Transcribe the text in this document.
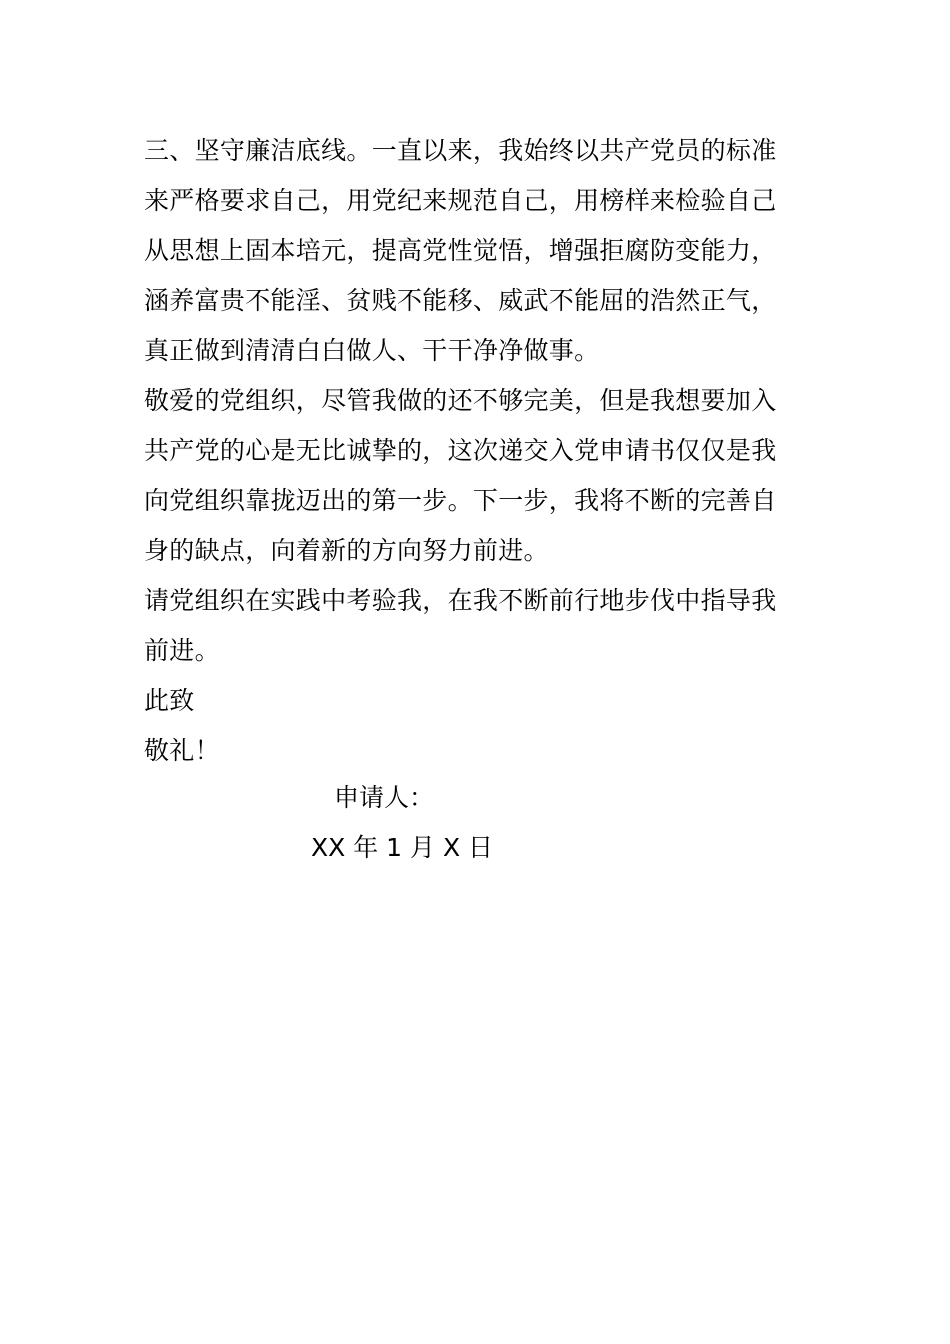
三、坚守廉洁底线。一直以来，我始终以共产党员的标准
来严格要求自己，用党纪来规范自己，用榜样来检验自己
从思想上固本培元，提高党性觉悟，增强拒腐防变能力，
涵养富贵不能淫、贫贱不能移、威武不能屈的浩然正气，
真正做到清清白白做人、干干净净做事。
敬爱的党组织，尽管我做的还不够完美，但是我想要加入
共产党的心是无比诚挚的，这次递交入党申请书仅仅是我
向党组织靠拢迈出的第一步。下一步，我将不断的完善自
身的缺点，向着新的方向努力前进。
请党组织在实践中考验我，在我不断前行地步伐中指导我
前进。
此致
敬礼！
申请人：
XX 年 1 月 X 日
